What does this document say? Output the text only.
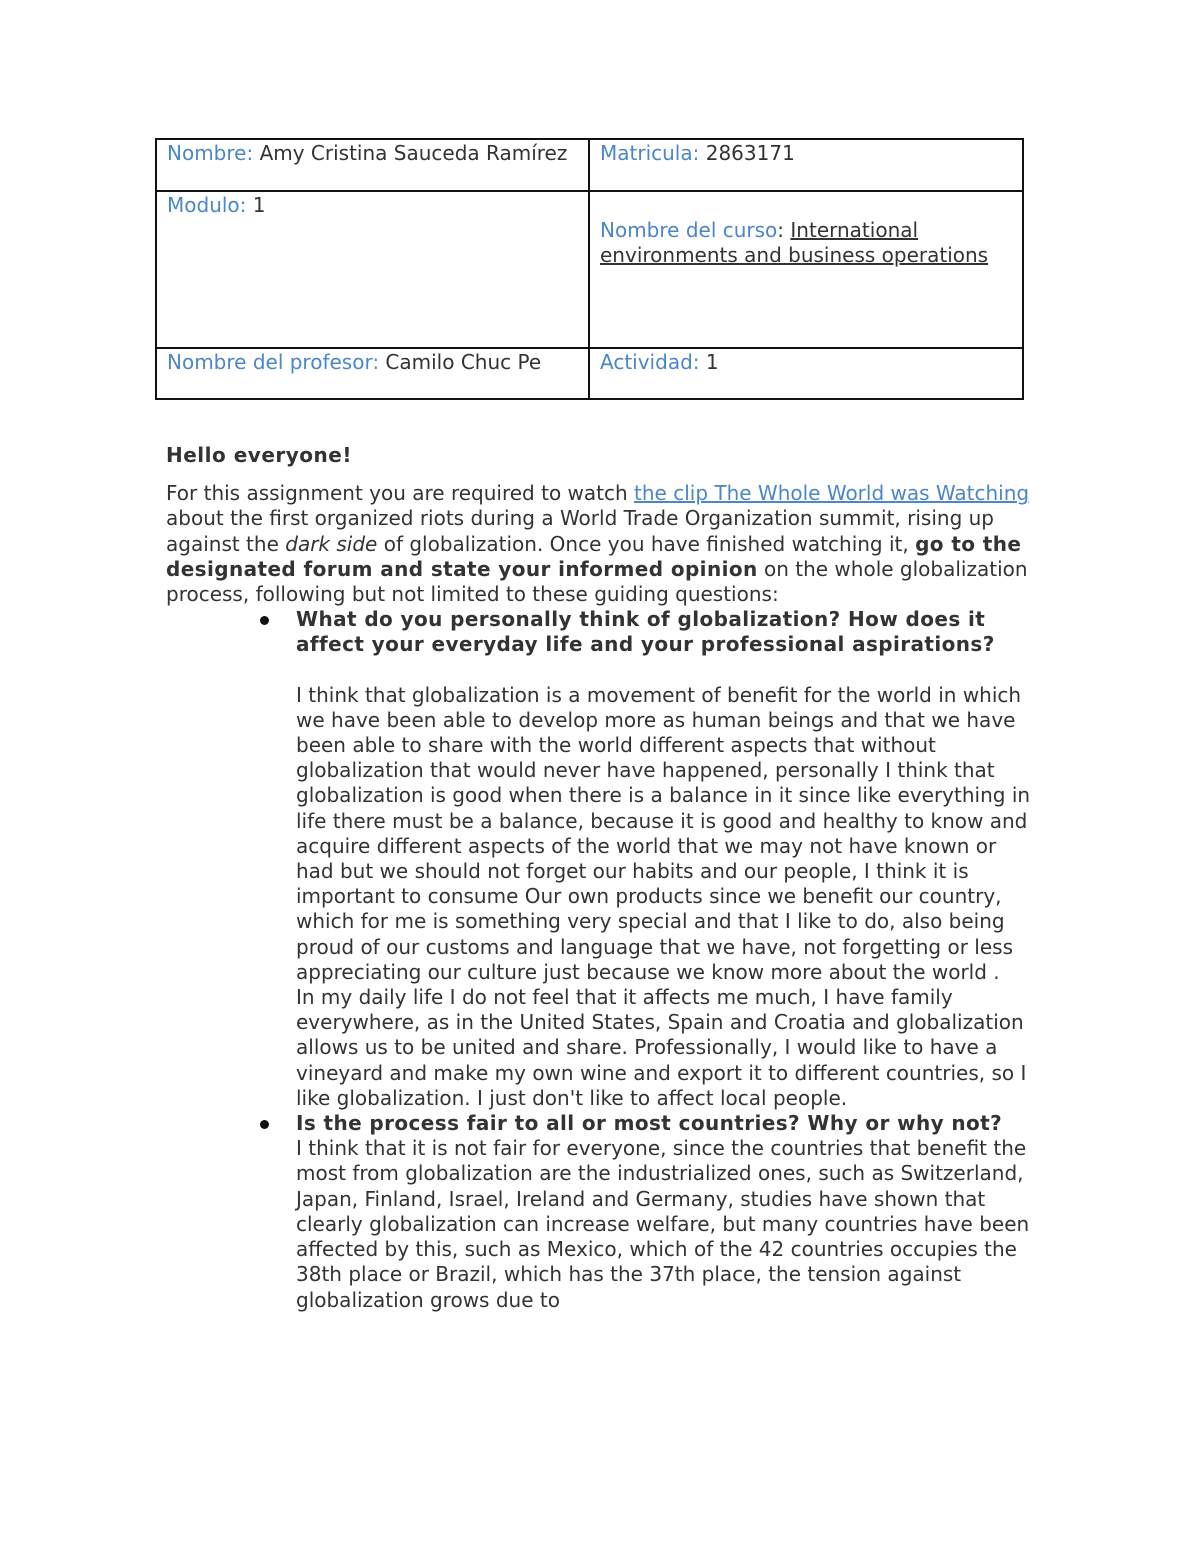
Nombre: Amy Cristina Sauceda Ramírez	Matricula: 2863171
Modulo: 1	Nombre del curso: International environments and business operations

Nombre del profesor: Camilo Chuc Pe	Actividad: 1

Hello everyone!

For this assignment you are required to watch the clip The Whole World was Watching about the first organized riots during a World Trade Organization summit, rising up against the dark side of globalization. Once you have finished watching it, go to the designated forum and state your informed opinion on the whole globalization process, following but not limited to these guiding questions:

What do you personally think of globalization? How does it affect your everyday life and your professional aspirations?
I think that globalization is a movement of benefit for the world in which we have been able to develop more as human beings and that we have been able to share with the world different aspects that without globalization that would never have happened, personally I think that globalization is good when there is a balance in it since like everything in life there must be a balance, because it is good and healthy to know and acquire different aspects of the world that we may not have known or had but we should not forget our habits and our people, I think it is important to consume Our own products since we benefit our country, which for me is something very special and that I like to do, also being proud of our customs and language that we have, not forgetting or less appreciating our culture just because we know more about the world .
In my daily life I do not feel that it affects me much, I have family everywhere, as in the United States, Spain and Croatia and globalization allows us to be united and share. Professionally, I would like to have a vineyard and make my own wine and export it to different countries, so I like globalization. I just don't like to affect local people.
Is the process fair to all or most countries? Why or why not?
I think that it is not fair for everyone, since the countries that benefit the most from globalization are the industrialized ones, such as Switzerland, Japan, Finland, Israel, Ireland and Germany, studies have shown that clearly globalization can increase welfare, but many countries have been affected by this, such as Mexico, which of the 42 countries occupies the 38th place or Brazil, which has the 37th place, the tension against globalization grows due to
